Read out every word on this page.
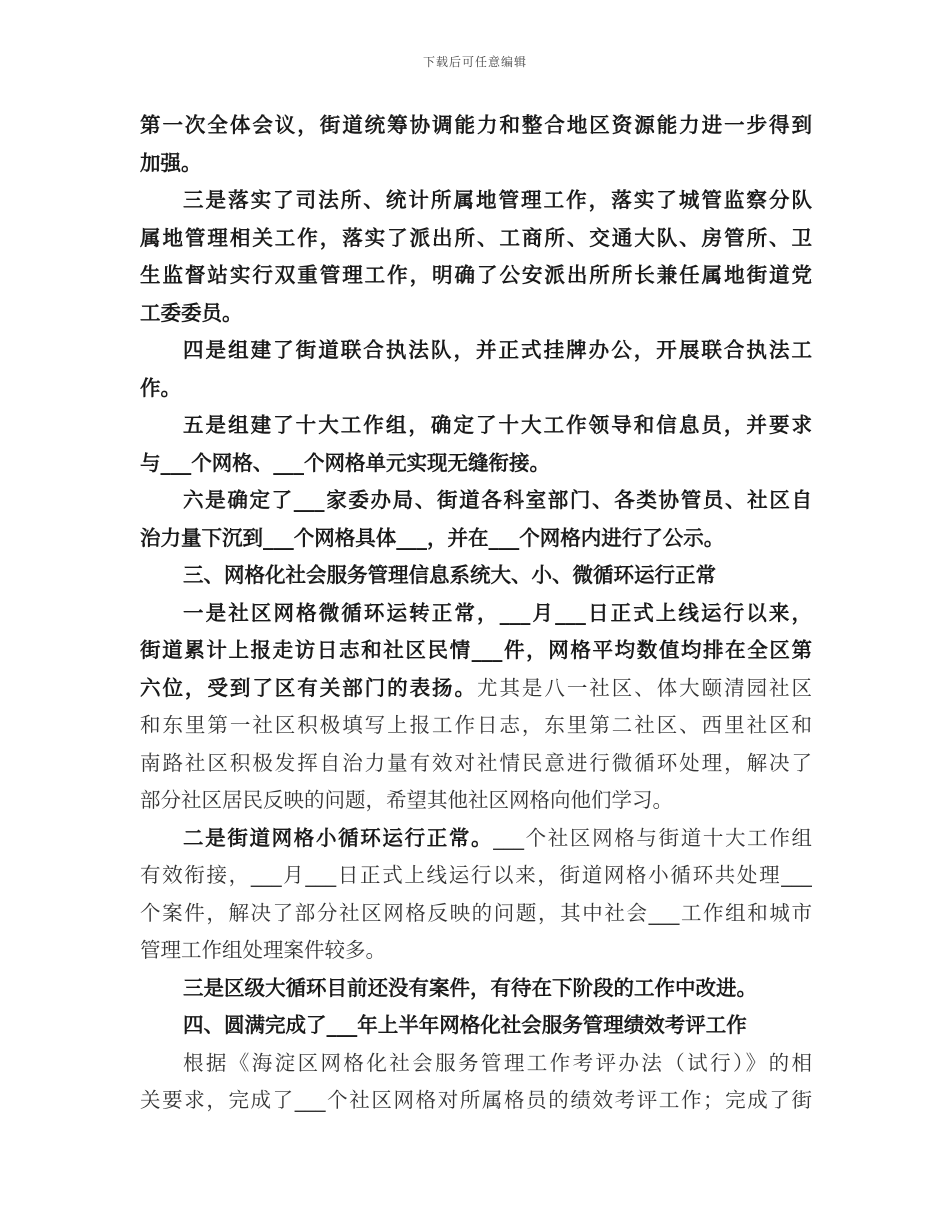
下载后可任意编辑
第一次全体会议，街道统筹协调能力和整合地区资源能力进一步得到
加强。
三是落实了司法所、统计所属地管理工作，落实了城管监察分队
属地管理相关工作，落实了派出所、工商所、交通大队、房管所、卫
生监督站实行双重管理工作，明确了公安派出所所长兼任属地街道党
工委委员。
四是组建了街道联合执法队，并正式挂牌办公，开展联合执法工
作。
五是组建了十大工作组，确定了十大工作领导和信息员，并要求
与___个网格、___个网格单元实现无缝衔接。
六是确定了___家委办局、街道各科室部门、各类协管员、社区自
治力量下沉到___个网格具体___，并在___个网格内进行了公示。
三、网格化社会服务管理信息系统大、小、微循环运行正常
一是社区网格微循环运转正常，___月___日正式上线运行以来，
街道累计上报走访日志和社区民情___件，网格平均数值均排在全区第
六位，受到了区有关部门的表扬。尤其是八一社区、体大颐清园社区
和东里第一社区积极填写上报工作日志，东里第二社区、西里社区和
南路社区积极发挥自治力量有效对社情民意进行微循环处理，解决了
部分社区居民反映的问题，希望其他社区网格向他们学习。
二是街道网格小循环运行正常。___个社区网格与街道十大工作组
有效衔接，___月___日正式上线运行以来，街道网格小循环共处理___
个案件，解决了部分社区网格反映的问题，其中社会___工作组和城市
管理工作组处理案件较多。
三是区级大循环目前还没有案件，有待在下阶段的工作中改进。
四、圆满完成了___年上半年网格化社会服务管理绩效考评工作
根据《海淀区网格化社会服务管理工作考评办法（试行）》的相
关要求，完成了___个社区网格对所属格员的绩效考评工作；完成了街
